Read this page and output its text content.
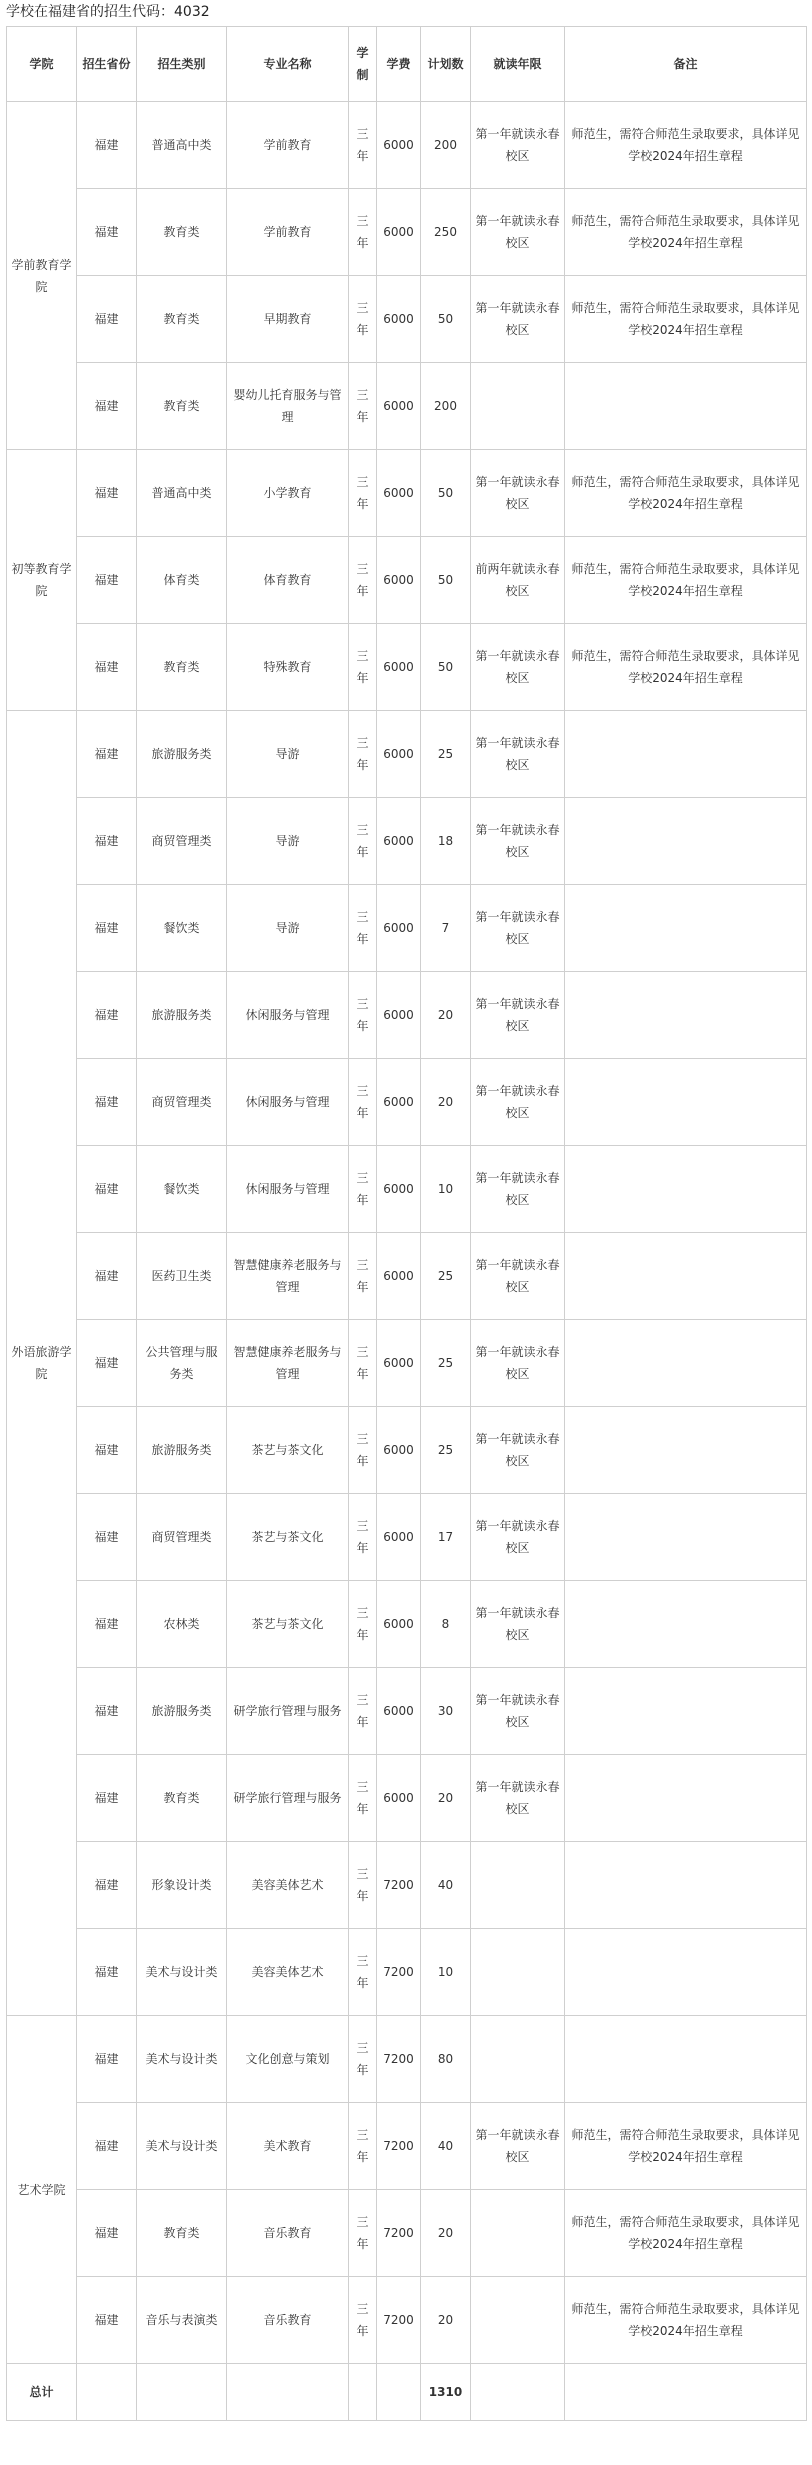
学校在福建省的招生代码：4032
学院	招生省份	招生类别	专业名称	学制	学费	计划数	就读年限	备注
学前教育学院	福建	普通高中类	学前教育	三年	6000	200	第一年就读永春校区	师范生，需符合师范生录取要求，具体详见学校2024年招生章程
	福建	教育类	学前教育	三年	6000	250	第一年就读永春校区	师范生，需符合师范生录取要求，具体详见学校2024年招生章程
	福建	教育类	早期教育	三年	6000	50	第一年就读永春校区	师范生，需符合师范生录取要求，具体详见学校2024年招生章程
	福建	教育类	婴幼儿托育服务与管理	三年	6000	200		
初等教育学院	福建	普通高中类	小学教育	三年	6000	50	第一年就读永春校区	师范生，需符合师范生录取要求，具体详见学校2024年招生章程
	福建	体育类	体育教育	三年	6000	50	前两年就读永春校区	师范生，需符合师范生录取要求，具体详见学校2024年招生章程
	福建	教育类	特殊教育	三年	6000	50	第一年就读永春校区	师范生，需符合师范生录取要求，具体详见学校2024年招生章程
外语旅游学院	福建	旅游服务类	导游	三年	6000	25	第一年就读永春校区	
	福建	商贸管理类	导游	三年	6000	18	第一年就读永春校区	
	福建	餐饮类	导游	三年	6000	7	第一年就读永春校区	
	福建	旅游服务类	休闲服务与管理	三年	6000	20	第一年就读永春校区	
	福建	商贸管理类	休闲服务与管理	三年	6000	20	第一年就读永春校区	
	福建	餐饮类	休闲服务与管理	三年	6000	10	第一年就读永春校区	
	福建	医药卫生类	智慧健康养老服务与管理	三年	6000	25	第一年就读永春校区	
	福建	公共管理与服务类	智慧健康养老服务与管理	三年	6000	25	第一年就读永春校区	
	福建	旅游服务类	茶艺与茶文化	三年	6000	25	第一年就读永春校区	
	福建	商贸管理类	茶艺与茶文化	三年	6000	17	第一年就读永春校区	
	福建	农林类	茶艺与茶文化	三年	6000	8	第一年就读永春校区	
	福建	旅游服务类	研学旅行管理与服务	三年	6000	30	第一年就读永春校区	
	福建	教育类	研学旅行管理与服务	三年	6000	20	第一年就读永春校区	
	福建	形象设计类	美容美体艺术	三年	7200	40		
	福建	美术与设计类	美容美体艺术	三年	7200	10		
艺术学院	福建	美术与设计类	文化创意与策划	三年	7200	80		
	福建	美术与设计类	美术教育	三年	7200	40	第一年就读永春校区	师范生，需符合师范生录取要求，具体详见学校2024年招生章程
	福建	教育类	音乐教育	三年	7200	20		师范生，需符合师范生录取要求，具体详见学校2024年招生章程
	福建	音乐与表演类	音乐教育	三年	7200	20		师范生，需符合师范生录取要求，具体详见学校2024年招生章程
总计						1310		
